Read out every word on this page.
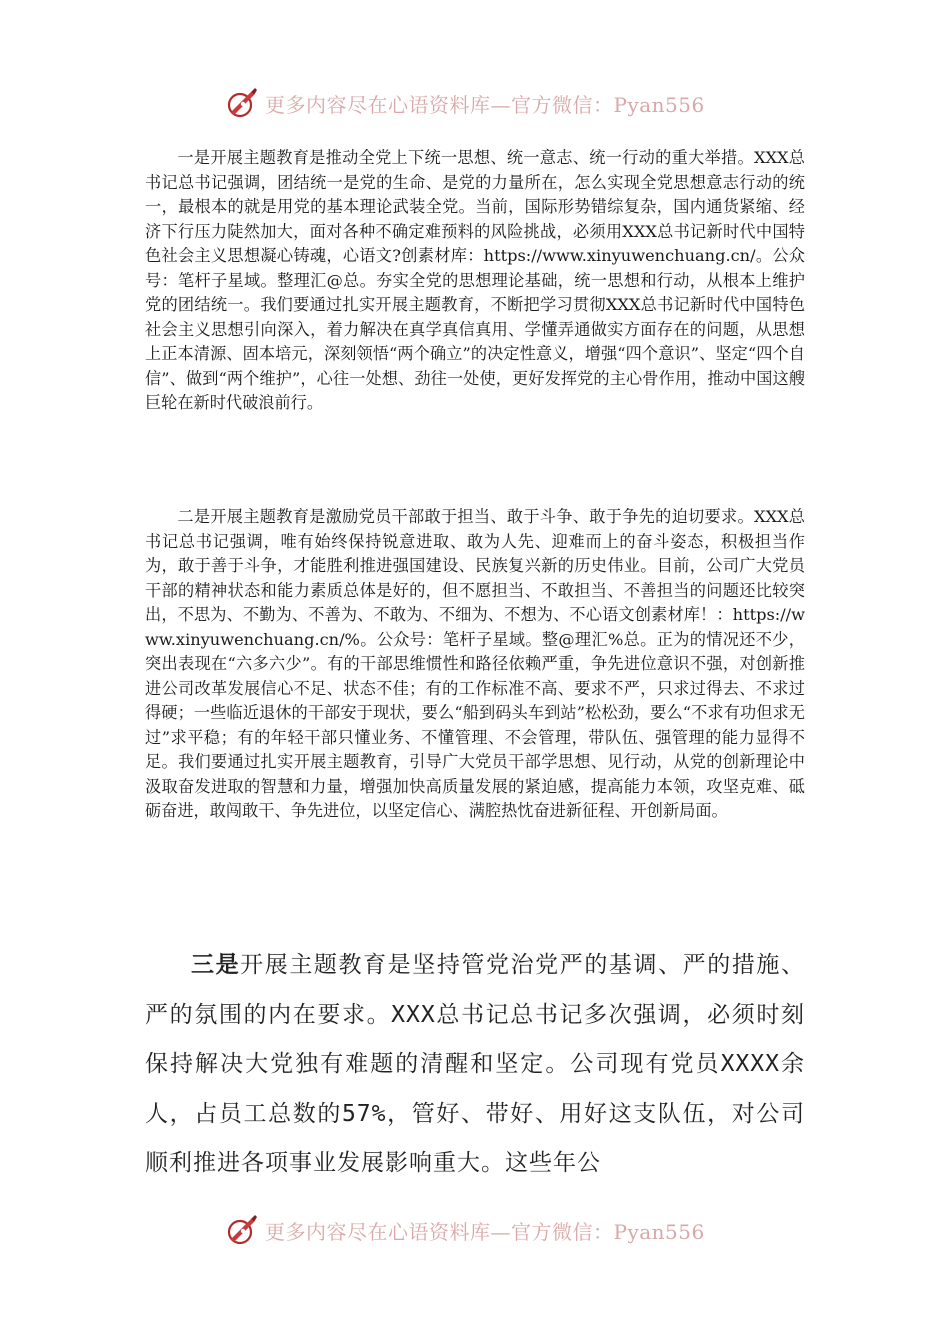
更多内容尽在心语资料库—官方微信：Pyan556

一是开展主题教育是推动全党上下统一思想、统一意志、统一行动的重大举措。XXX总书记总书记强调，团结统一是党的生命、是党的力量所在，怎么实现全党思想意志行动的统一，最根本的就是用党的基本理论武装全党。当前，国际形势错综复杂，国内通货紧缩、经济下行压力陡然加大，面对各种不确定难预料的风险挑战，必须用XXX总书记新时代中国特色社会主义思想凝心铸魂，心语文?创素材库：https://www.xinyuwenchuang.cn/。公众号：笔杆子星域。整理汇@总。夯实全党的思想理论基础，统一思想和行动，从根本上维护党的团结统一。我们要通过扎实开展主题教育，不断把学习贯彻XXX总书记新时代中国特色社会主义思想引向深入，着力解决在真学真信真用、学懂弄通做实方面存在的问题，从思想上正本清源、固本培元，深刻领悟“两个确立”的决定性意义，增强“四个意识”、坚定“四个自信”、做到“两个维护”，心往一处想、劲往一处使，更好发挥党的主心骨作用，推动中国这艘巨轮在新时代破浪前行。

二是开展主题教育是激励党员干部敢于担当、敢于斗争、敢于争先的迫切要求。XXX总书记总书记强调，唯有始终保持锐意进取、敢为人先、迎难而上的奋斗姿态，积极担当作为，敢于善于斗争，才能胜利推进强国建设、民族复兴新的历史伟业。目前，公司广大党员干部的精神状态和能力素质总体是好的，但不愿担当、不敢担当、不善担当的问题还比较突出，不思为、不勤为、不善为、不敢为、不细为、不想为、不心语文创素材库！：https://www.xinyuwenchuang.cn/%。公众号：笔杆子星域。整@理汇%总。正为的情况还不少，突出表现在“六多六少”。有的干部思维惯性和路径依赖严重，争先进位意识不强，对创新推进公司改革发展信心不足、状态不佳；有的工作标准不高、要求不严，只求过得去、不求过得硬；一些临近退休的干部安于现状，要么“船到码头车到站”松松劲，要么“不求有功但求无过”求平稳；有的年轻干部只懂业务、不懂管理、不会管理，带队伍、强管理的能力显得不足。我们要通过扎实开展主题教育，引导广大党员干部学思想、见行动，从党的创新理论中汲取奋发进取的智慧和力量，增强加快高质量发展的紧迫感，提高能力本领，攻坚克难、砥砺奋进，敢闯敢干、争先进位，以坚定信心、满腔热忱奋进新征程、开创新局面。

三是开展主题教育是坚持管党治党严的基调、严的措施、严的氛围的内在要求。XXX总书记总书记多次强调，必须时刻保持解决大党独有难题的清醒和坚定。公司现有党员XXXX余人，占员工总数的57%，管好、带好、用好这支队伍，对公司顺利推进各项事业发展影响重大。这些年公

更多内容尽在心语资料库—官方微信：Pyan556
